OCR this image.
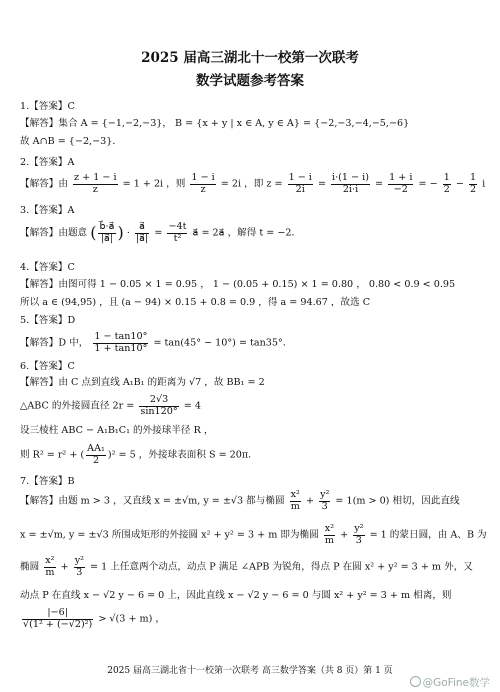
2025 届高三湖北十一校第一次联考
数学试题参考答案
1.【答案】C
【解答】集合 A = {−1,−2,−3}， B = {x + y | x ∈ A, y ∈ A} = {−2,−3,−4,−5,−6}
故 A∩B = {−2,−3}．
2.【答案】A
【解答】由 $\frac{z + 1 - i}{z} = 1 + 2i$ ，则 $\frac{1 - i}{z} = 2i$ ，即 $z = \frac{1 - i}{2i} = \frac{i\cdot(1 - i)}{2i\cdot i} = \frac{1 + i}{-2}$ = − $\frac{1}{2} - \frac{1}{2}$ i
3.【答案】A
【解答】由题意 ( $\frac{b⃗\cdot a⃗}{|a⃗|}$ ) · $\frac{a⃗}{|a⃗|} = \frac{-4t}{\text{t²}}$ a⃗ = 2a⃗ ，解得 t = −2．
4.【答案】C
【解答】由图可得 1 − 0.05 × 1 = 0.95 ， 1 − (0.05 + 0.15) × 1 = 0.80 ， 0.80 < 0.9 < 0.95
所以 a ∈ (94,95) ，且 (a − 94) × 0.15 + 0.8 = 0.9 ，得 a = 94.67 ，故选 C
5.【答案】D
【解答】D 中， $\frac{1 - \tan 10^\circ}{1 + \tan 10^\circ} = \tan(45^\circ - 10^\circ) = \tan 35^\circ$．
6.【答案】C
【解答】由 C 点到直线 A₁B₁ 的距离为 √7 ，故 BB₁ = 2
△ABC 的外接圆直径 $2r = \frac{2√3}{\sin 120^\circ} = 4$
设三棱柱 ABC − A₁B₁C₁ 的外接球半径 R ，
则 R² = r² + ( $\frac{\text{AA₁}}{2} )^2 = 5$ ，外接球表面积 S = 20π．
7.【答案】B
【解答】由题 m > 3 ，又直线 x = ±√m, y = ±√3 都与椭圆 $\frac{\text{x²}}{m} + \frac{\text{y²}}{3} = 1(m > 0)$ 相切，因此直线
x = ±√m, y = ±√3 所围成矩形的外接圆 x² + y² = 3 + m 即为椭圆 $\frac{\text{x²}}{m} + \frac{\text{y²}}{3} = 1$ 的蒙日圆，由 A、B 为
椭圆 $\frac{\text{x²}}{m} + \frac{\text{y²}}{3} = 1$ 上任意两个动点，动点 P 满足 ∠APB 为锐角，得点 P 在圆 x² + y² = 3 + m 外，又
动点 P 在直线 x − √2 y − 6 = 0 上，因此直线 x − √2 y − 6 = 0 与圆 x² + y² = 3 + m 相离，则
$\frac{|-6|}{\text{√(1² + (−√2)²)}} > √(3 + m)$ ，
2025 届高三湖北省十一校第一次联考 高三数学答案（共 8 页）第 1 页
@GoFine数学
